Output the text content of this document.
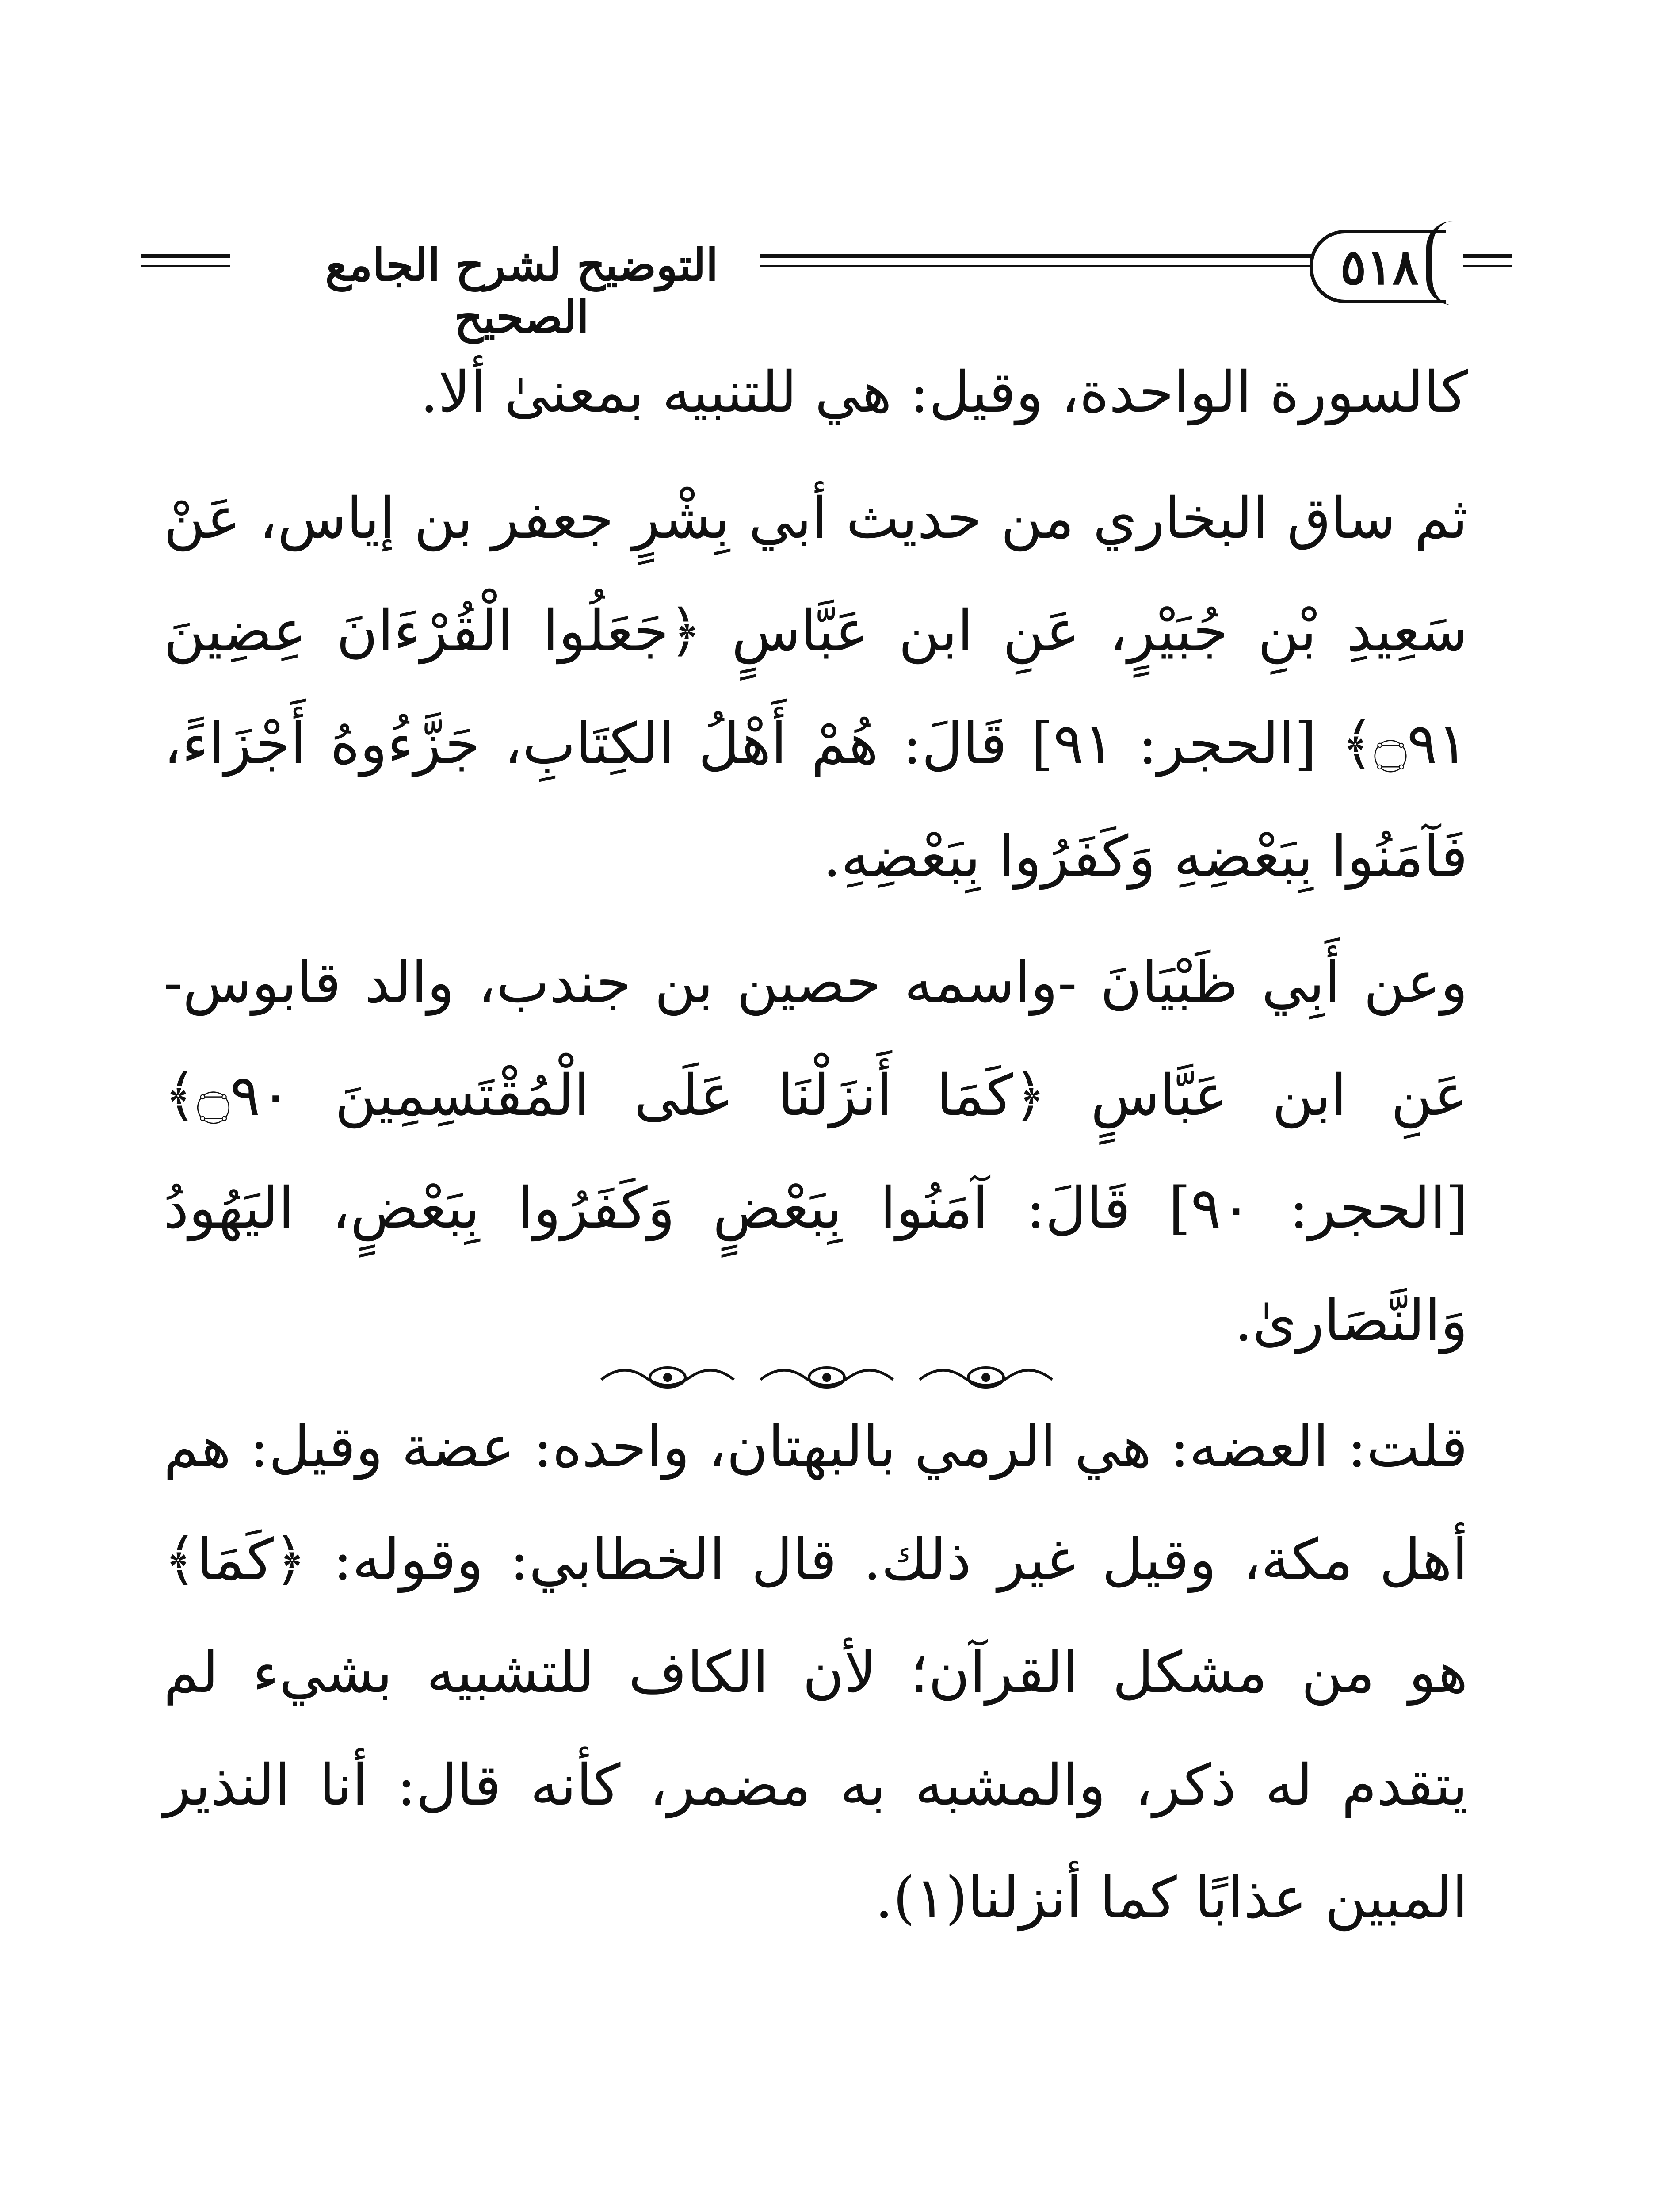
التوضيح لشرح الجامع الصحيح
٥١٨

كالسورة الواحدة، وقيل: هي للتنبيه بمعنىٰ ألا.

ثم ساق البخاري من حديث أبي بِشْرٍ جعفر بن إياس، عَنْ سَعِيدِ بْنِ جُبَيْرٍ، عَنِ ابن عَبَّاسٍ ﴿جَعَلُوا الْقُرْءَانَ عِضِينَ ۝٩١﴾ [الحجر: ٩١] قَالَ: هُمْ أَهْلُ الكِتَابِ، جَزَّءُوهُ أَجْزَاءً، فَآمَنُوا بِبَعْضِهِ وَكَفَرُوا بِبَعْضِهِ.

وعن أَبِي ظَبْيَانَ -واسمه حصين بن جندب، والد قابوس- عَنِ ابن عَبَّاسٍ ﴿كَمَا أَنزَلْنَا عَلَى الْمُقْتَسِمِينَ ۝٩٠﴾ [الحجر: ٩٠] قَالَ: آمَنُوا بِبَعْضٍ وَكَفَرُوا بِبَعْضٍ، اليَهُودُ وَالنَّصَارىٰ.

قلت: العضه: هي الرمي بالبهتان، واحده: عضة وقيل: هم أهل مكة، وقيل غير ذلك. قال الخطابي: وقوله: ﴿كَمَا﴾ هو من مشكل القرآن؛ لأن الكاف للتشبيه بشيء لم يتقدم له ذكر، والمشبه به مضمر، كأنه قال: أنا النذير المبين عذابًا كما أنزلنا(١).
